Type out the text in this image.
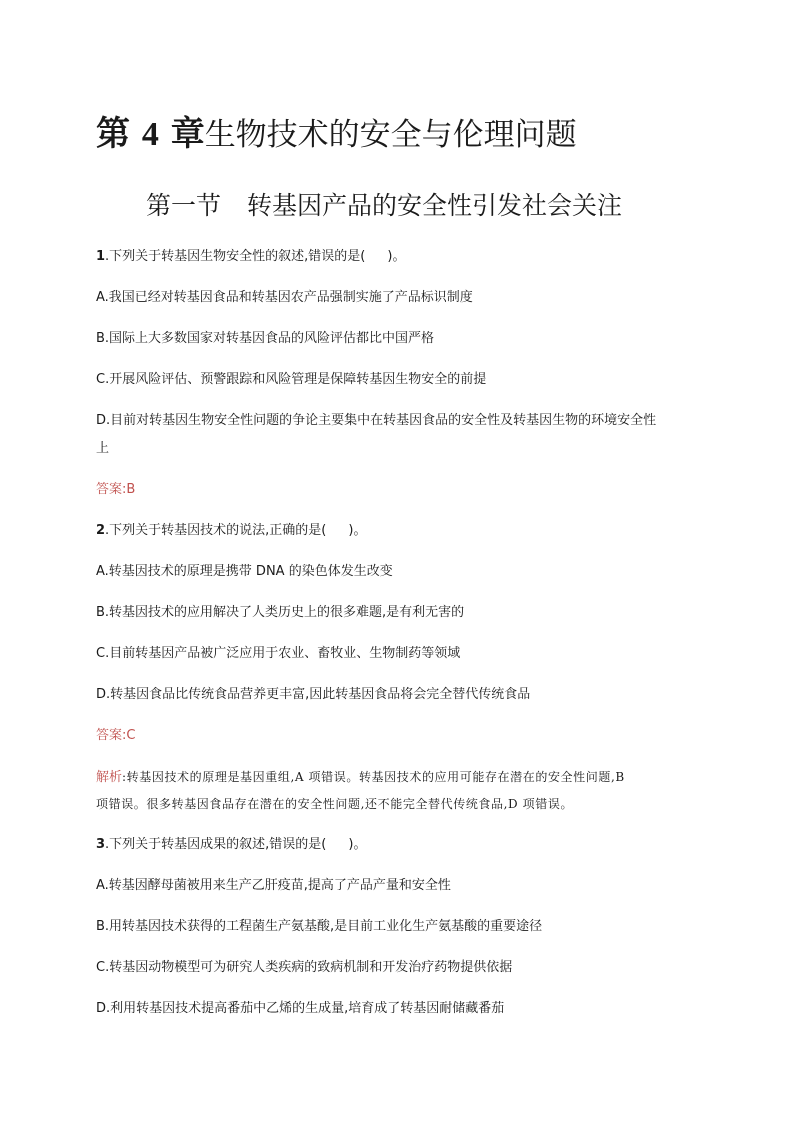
第 4 章生物技术的安全与伦理问题
第一节 转基因产品的安全性引发社会关注
1.下列关于转基因生物安全性的叙述,错误的是( )。
A.我国已经对转基因食品和转基因农产品强制实施了产品标识制度
B.国际上大多数国家对转基因食品的风险评估都比中国严格
C.开展风险评估、预警跟踪和风险管理是保障转基因生物安全的前提
D.目前对转基因生物安全性问题的争论主要集中在转基因食品的安全性及转基因生物的环境安全性
上
答案:B
2.下列关于转基因技术的说法,正确的是( )。
A.转基因技术的原理是携带 DNA 的染色体发生改变
B.转基因技术的应用解决了人类历史上的很多难题,是有利无害的
C.目前转基因产品被广泛应用于农业、畜牧业、生物制药等领域
D.转基因食品比传统食品营养更丰富,因此转基因食品将会完全替代传统食品
答案:C
解析:转基因技术的原理是基因重组,A 项错误。转基因技术的应用可能存在潜在的安全性问题,B
项错误。很多转基因食品存在潜在的安全性问题,还不能完全替代传统食品,D 项错误。
3.下列关于转基因成果的叙述,错误的是( )。
A.转基因酵母菌被用来生产乙肝疫苗,提高了产品产量和安全性
B.用转基因技术获得的工程菌生产氨基酸,是目前工业化生产氨基酸的重要途径
C.转基因动物模型可为研究人类疾病的致病机制和开发治疗药物提供依据
D.利用转基因技术提高番茄中乙烯的生成量,培育成了转基因耐储藏番茄
